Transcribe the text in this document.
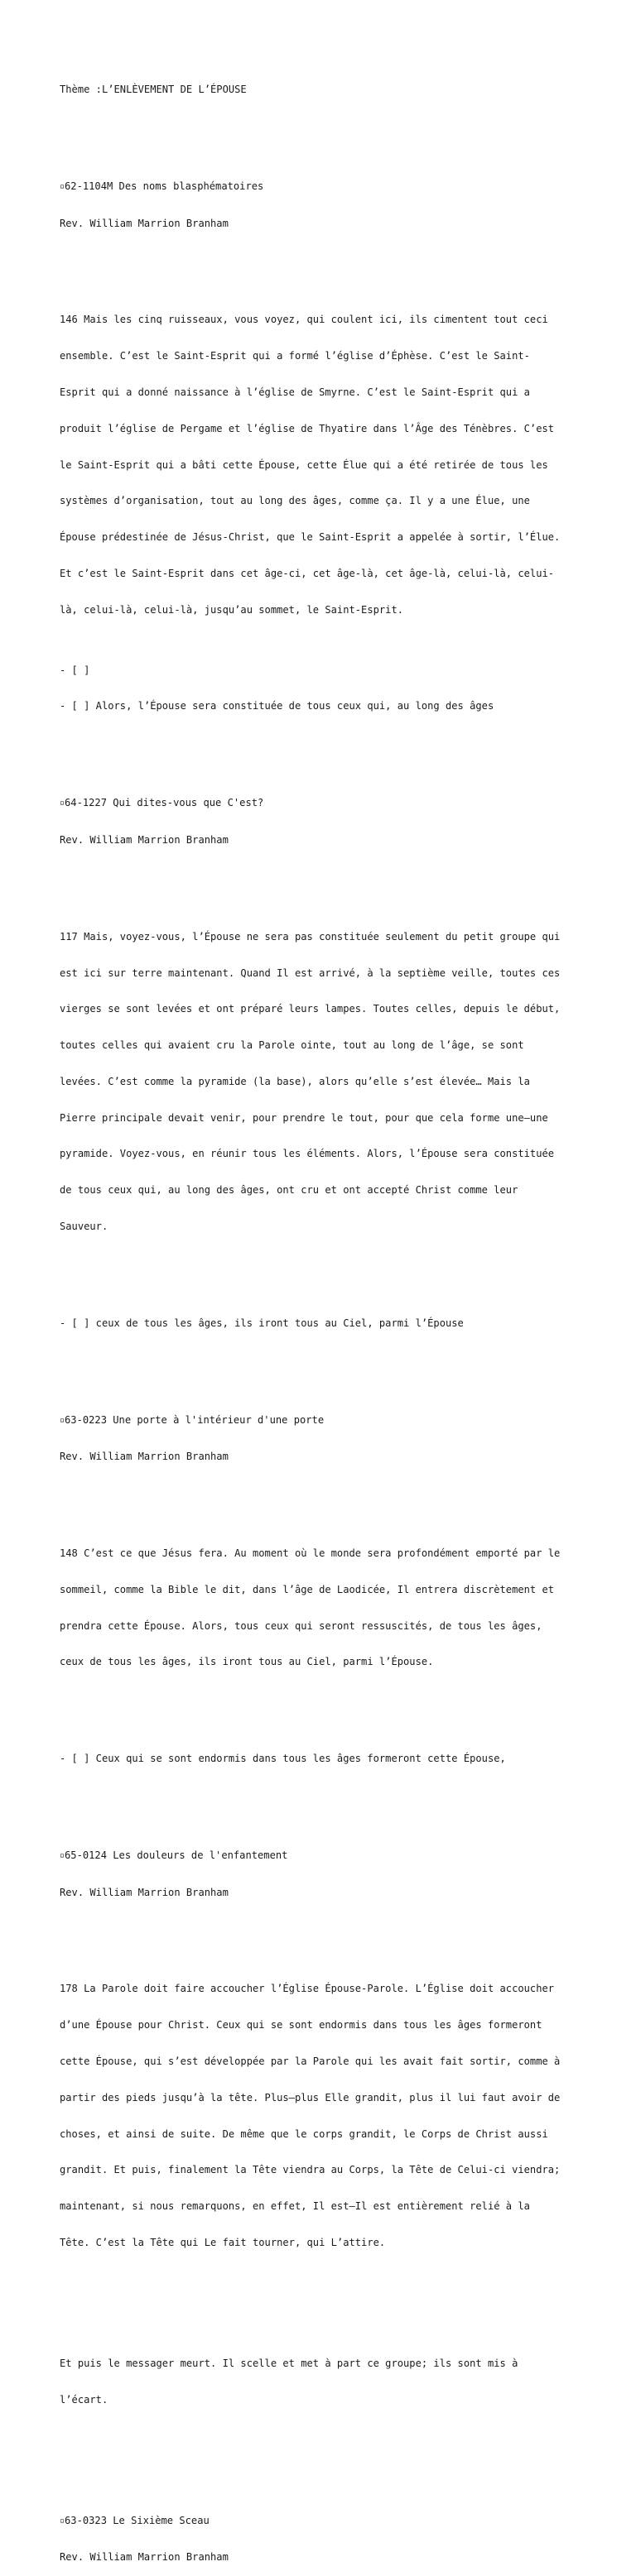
Thème :L’ENLÈVEMENT DE L’ÉPOUSE

▫62-1104M Des noms blasphématoires

Rev. William Marrion Branham

146 Mais les cinq ruisseaux, vous voyez, qui coulent ici, ils cimentent tout ceci

ensemble. C’est le Saint-Esprit qui a formé l’église d’Éphèse. C’est le Saint-

Esprit qui a donné naissance à l’église de Smyrne. C’est le Saint-Esprit qui a

produit l’église de Pergame et l’église de Thyatire dans l’Âge des Ténèbres. C’est

le Saint-Esprit qui a bâti cette Épouse, cette Élue qui a été retirée de tous les

systèmes d’organisation, tout au long des âges, comme ça. Il y a une Élue, une

Épouse prédestinée de Jésus-Christ, que le Saint-Esprit a appelée à sortir, l’Élue.

Et c’est le Saint-Esprit dans cet âge-ci, cet âge-là, cet âge-là, celui-là, celui-

là, celui-là, celui-là, jusqu’au sommet, le Saint-Esprit.

- [ ]

- [ ] Alors, l’Épouse sera constituée de tous ceux qui, au long des âges

▫64-1227 Qui dites-vous que C'est?

Rev. William Marrion Branham

117 Mais, voyez-vous, l’Épouse ne sera pas constituée seulement du petit groupe qui

est ici sur terre maintenant. Quand Il est arrivé, à la septième veille, toutes ces

vierges se sont levées et ont préparé leurs lampes. Toutes celles, depuis le début,

toutes celles qui avaient cru la Parole ointe, tout au long de l’âge, se sont

levées. C’est comme la pyramide (la base), alors qu’elle s’est élevée… Mais la

Pierre principale devait venir, pour prendre le tout, pour que cela forme une—une

pyramide. Voyez-vous, en réunir tous les éléments. Alors, l’Épouse sera constituée

de tous ceux qui, au long des âges, ont cru et ont accepté Christ comme leur

Sauveur.

- [ ] ceux de tous les âges, ils iront tous au Ciel, parmi l’Épouse

▫63-0223 Une porte à l'intérieur d'une porte

Rev. William Marrion Branham

148 C’est ce que Jésus fera. Au moment où le monde sera profondément emporté par le

sommeil, comme la Bible le dit, dans l’âge de Laodicée, Il entrera discrètement et

prendra cette Épouse. Alors, tous ceux qui seront ressuscités, de tous les âges,

ceux de tous les âges, ils iront tous au Ciel, parmi l’Épouse.

- [ ] Ceux qui se sont endormis dans tous les âges formeront cette Épouse,

▫65-0124 Les douleurs de l'enfantement

Rev. William Marrion Branham

178 La Parole doit faire accoucher l’Église Épouse-Parole. L’Église doit accoucher

d’une Épouse pour Christ. Ceux qui se sont endormis dans tous les âges formeront

cette Épouse, qui s’est développée par la Parole qui les avait fait sortir, comme à

partir des pieds jusqu’à la tête. Plus—plus Elle grandit, plus il lui faut avoir de

choses, et ainsi de suite. De même que le corps grandit, le Corps de Christ aussi

grandit. Et puis, finalement la Tête viendra au Corps, la Tête de Celui-ci viendra;

maintenant, si nous remarquons, en effet, Il est—Il est entièrement relié à la

Tête. C’est la Tête qui Le fait tourner, qui L’attire.

Et puis le messager meurt. Il scelle et met à part ce groupe; ils sont mis à

l’écart.

▫63-0323 Le Sixième Sceau

Rev. William Marrion Branham
